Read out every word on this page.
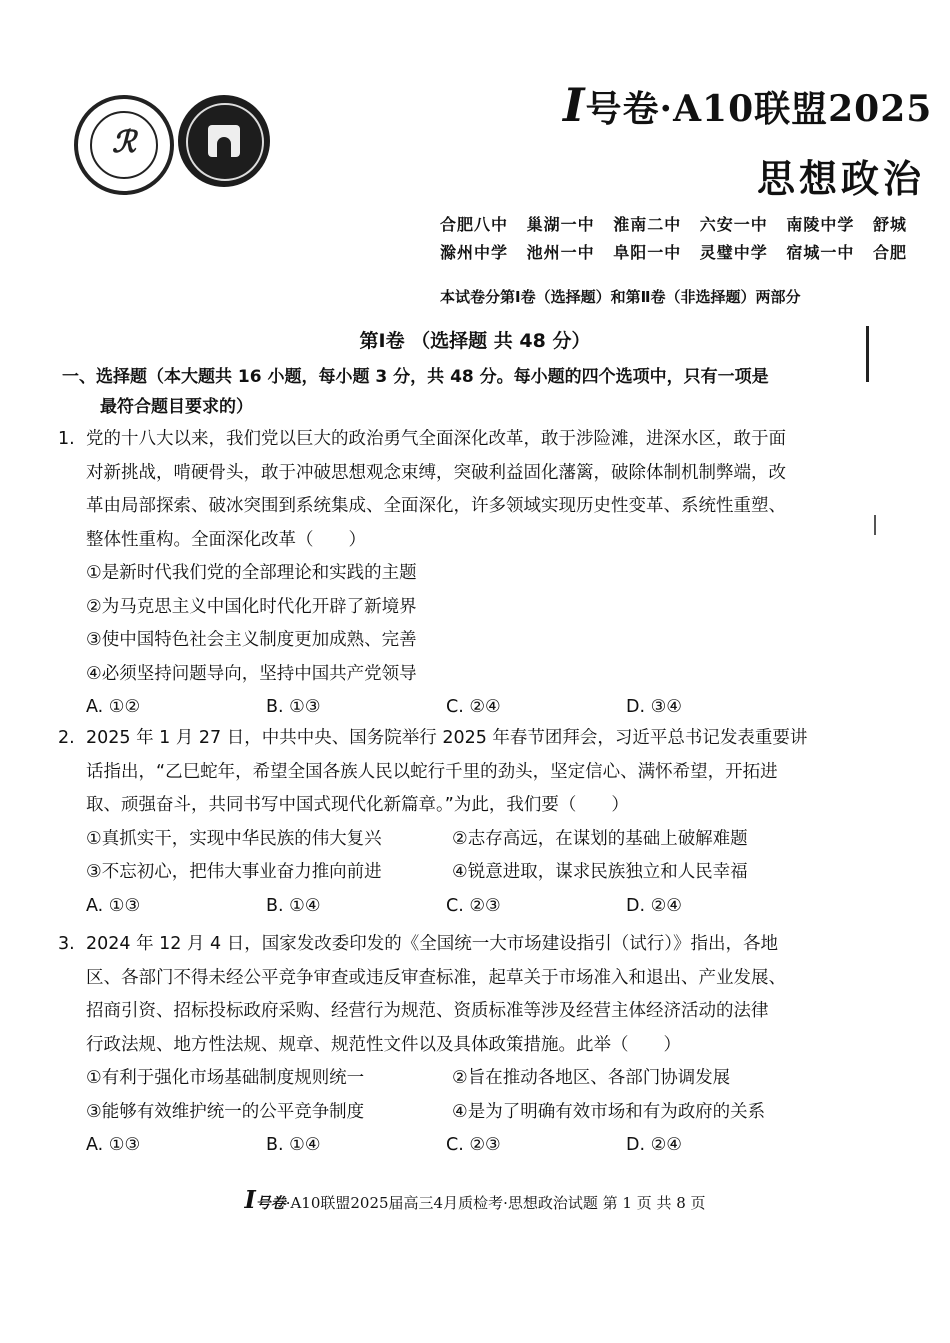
ℛ
I号卷·A10联盟2025
思想政治
合肥八中 巢湖一中 淮南二中 六安一中 南陵中学 舒城
滁州中学 池州一中 阜阳一中 灵璧中学 宿城一中 合肥
本试卷分第Ⅰ卷（选择题）和第Ⅱ卷（非选择题）两部分
第Ⅰ卷 （选择题 共 48 分）
一、选择题（本大题共 16 小题，每小题 3 分，共 48 分。每小题的四个选项中，只有一项是
最符合题目要求的）
1. 党的十八大以来，我们党以巨大的政治勇气全面深化改革，敢于涉险滩，进深水区，敢于面
对新挑战，啃硬骨头，敢于冲破思想观念束缚，突破利益固化藩篱，破除体制机制弊端，改
革由局部探索、破冰突围到系统集成、全面深化，许多领域实现历史性变革、系统性重塑、
整体性重构。全面深化改革（　　）
①是新时代我们党的全部理论和实践的主题
②为马克思主义中国化时代化开辟了新境界
③使中国特色社会主义制度更加成熟、完善
④必须坚持问题导向，坚持中国共产党领导
A. ①②	B. ①③	C. ②④	D. ③④
2. 2025 年 1 月 27 日，中共中央、国务院举行 2025 年春节团拜会，习近平总书记发表重要讲
话指出，“乙巳蛇年，希望全国各族人民以蛇行千里的劲头，坚定信心、满怀希望，开拓进
取、顽强奋斗，共同书写中国式现代化新篇章。”为此，我们要（　　）
①真抓实干，实现中华民族的伟大复兴	②志存高远，在谋划的基础上破解难题
③不忘初心，把伟大事业奋力推向前进	④锐意进取，谋求民族独立和人民幸福
A. ①③	B. ①④	C. ②③	D. ②④
3. 2024 年 12 月 4 日，国家发改委印发的《全国统一大市场建设指引（试行）》指出，各地
区、各部门不得未经公平竞争审查或违反审查标准，起草关于市场准入和退出、产业发展、
招商引资、招标投标政府采购、经营行为规范、资质标准等涉及经营主体经济活动的法律
行政法规、地方性法规、规章、规范性文件以及具体政策措施。此举（　　）
①有利于强化市场基础制度规则统一	②旨在推动各地区、各部门协调发展
③能够有效维护统一的公平竞争制度	④是为了明确有效市场和有为政府的关系
A. ①③	B. ①④	C. ②③	D. ②④
I号卷·A10联盟2025届高三4月质检考·思想政治试题 第 1 页 共 8 页
